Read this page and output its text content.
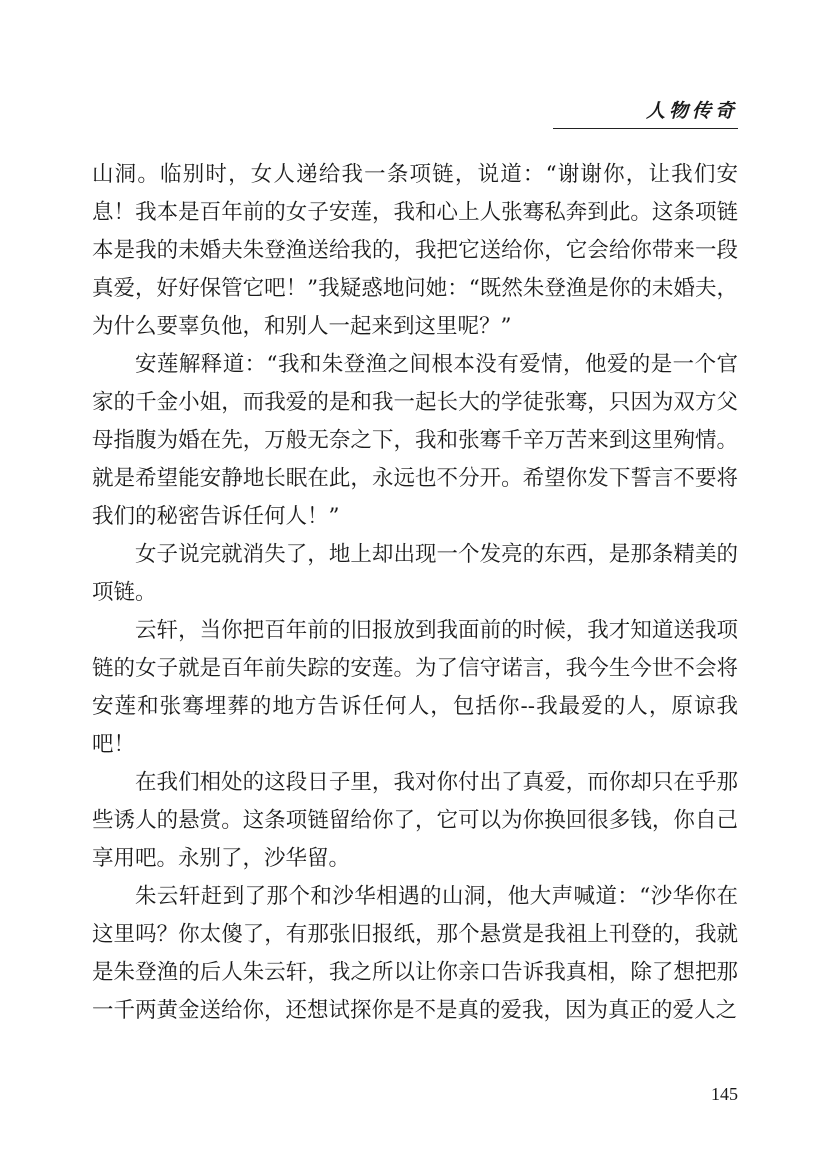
人物传奇

山洞。临别时，女人递给我一条项链，说道：“谢谢你，让我们安息！我本是百年前的女子安莲，我和心上人张骞私奔到此。这条项链本是我的未婚夫朱登渔送给我的，我把它送给你，它会给你带来一段真爱，好好保管它吧！”我疑惑地问她：“既然朱登渔是你的未婚夫，为什么要辜负他，和别人一起来到这里呢？”

安莲解释道：“我和朱登渔之间根本没有爱情，他爱的是一个官家的千金小姐，而我爱的是和我一起长大的学徒张骞，只因为双方父母指腹为婚在先，万般无奈之下，我和张骞千辛万苦来到这里殉情。就是希望能安静地长眠在此，永远也不分开。希望你发下誓言不要将我们的秘密告诉任何人！”

女子说完就消失了，地上却出现一个发亮的东西，是那条精美的项链。

云轩，当你把百年前的旧报放到我面前的时候，我才知道送我项链的女子就是百年前失踪的安莲。为了信守诺言，我今生今世不会将安莲和张骞埋葬的地方告诉任何人，包括你--我最爱的人，原谅我吧！

在我们相处的这段日子里，我对你付出了真爱，而你却只在乎那些诱人的悬赏。这条项链留给你了，它可以为你换回很多钱，你自己享用吧。永别了，沙华留。

朱云轩赶到了那个和沙华相遇的山洞，他大声喊道：“沙华你在这里吗？你太傻了，有那张旧报纸，那个悬赏是我祖上刊登的，我就是朱登渔的后人朱云轩，我之所以让你亲口告诉我真相，除了想把那一千两黄金送给你，还想试探你是不是真的爱我，因为真正的爱人之

145
